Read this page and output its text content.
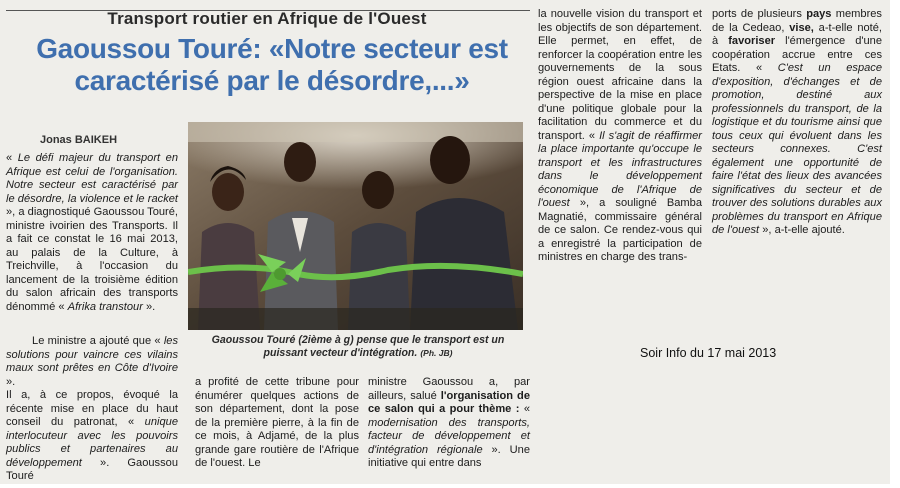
Transport routier en Afrique de l'Ouest
Gaoussou Touré: «Notre secteur est
caractérisé par le désordre,...»
Jonas BAIKEH

« Le défi majeur du transport en Afrique est celui de l'organisation. Notre secteur est caractérisé par le désordre, la violence et le racket », a diagnostiqué Gaoussou Touré, ministre ivoirien des Transports. Il a fait ce constat le 16 mai 2013, au palais de la Culture, à Treichville, à l'occasion du lancement de la troisième édition du salon africain des transports dénommé « Afrika transtour ».

Le ministre a ajouté que « les solutions pour vaincre ces vilains maux sont prêtes en Côte d'Ivoire ».

Il a, à ce propos, évoqué la récente mise en place du haut conseil du patronat, « unique interlocuteur avec les pouvoirs publics et partenaires au développement ». Gaoussou Touré

Gaoussou Touré (2ième à g) pense que le transport est un puissant vecteur d'intégration. (Ph. JB)

a profité de cette tribune pour énumérer quelques actions de son département, dont la pose de la première pierre, à la fin de ce mois, à Adjamé, de la plus grande gare routière de l'Afrique de l'ouest. Le

ministre Gaoussou a, par ailleurs, salué l'organisation de ce salon qui a pour thème : « modernisation des transports, facteur de développement et d'intégration régionale ». Une initiative qui entre dans

la nouvelle vision du transport et les objectifs de son département. Elle permet, en effet, de renforcer la coopération entre les gouvernements de la sous région ouest africaine dans la perspective de la mise en place d'une politique globale pour la facilitation du commerce et du transport. « Il s'agit de réaffirmer la place importante qu'occupe le transport et les infrastructures dans le développement économique de l'Afrique de l'ouest », a souligné Bamba Magnatié, commissaire général de ce salon. Ce rendez-vous qui a enregistré la participation de ministres en charge des trans-

ports de plusieurs pays membres de la Cedeao, vise, a-t-elle noté, à favoriser l'émergence d'une coopération accrue entre ces Etats. « C'est un espace d'exposition, d'échanges et de promotion, destiné aux professionnels du transport, de la logistique et du tourisme ainsi que tous ceux qui évoluent dans les secteurs connexes. C'est également une opportunité de faire l'état des lieux des avancées significatives du secteur et de trouver des solutions durables aux problèmes du transport en Afrique de l'ouest », a-t-elle ajouté.

Soir Info du 17 mai 2013
